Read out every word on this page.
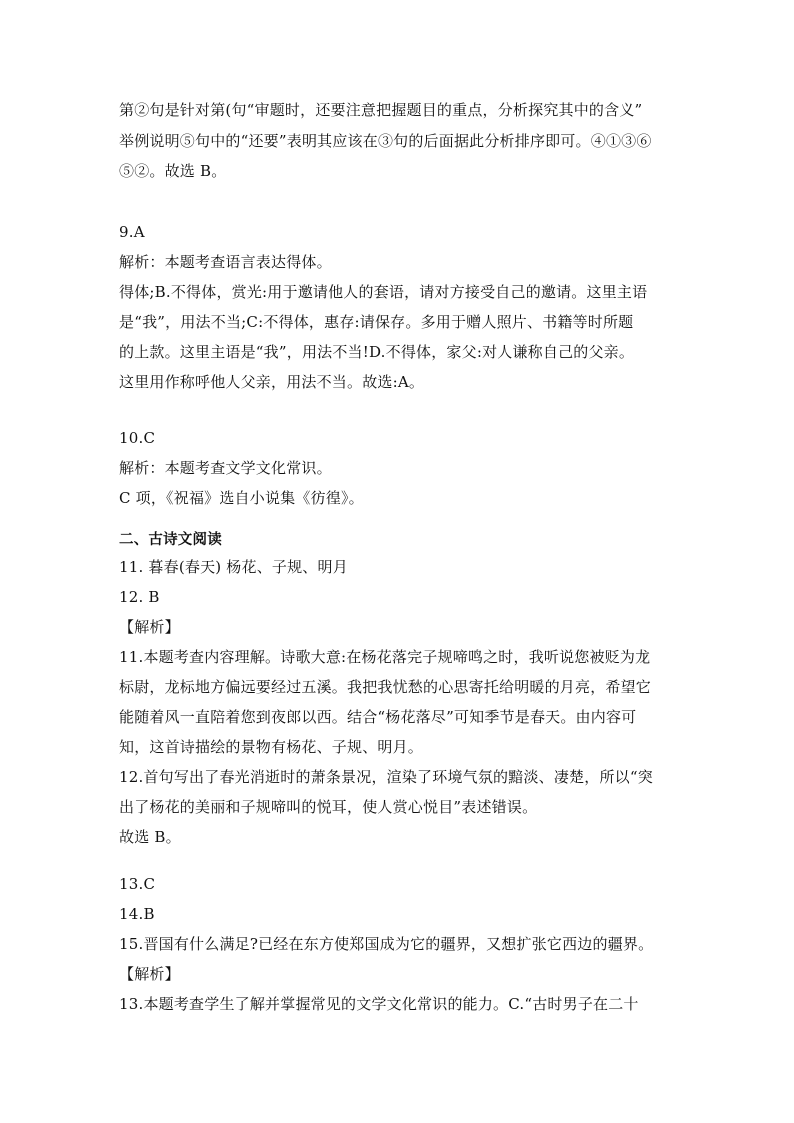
第②句是针对第(句“审题时，还要注意把握题目的重点，分析探究其中的含义”
举例说明⑤句中的“还要”表明其应该在③句的后面据此分析排序即可。④①③⑥
⑤②。故选 B。
9.A
解析：本题考查语言表达得体。
得体;B.不得体，赏光:用于邀请他人的套语，请对方接受自己的邀请。这里主语
是“我”，用法不当;C:不得体，惠存:请保存。多用于赠人照片、书籍等时所题
的上款。这里主语是“我”，用法不当!D.不得体，家父:对人谦称自己的父亲。
这里用作称呼他人父亲，用法不当。故选:A。
10.C
解析：本题考查文学文化常识。
C 项，《祝福》选自小说集《彷徨》。
二、古诗文阅读
11. 暮春(春天) 杨花、子规、明月
12. B
【解析】
11.本题考查内容理解。诗歌大意:在杨花落完子规啼鸣之时，我听说您被贬为龙
标尉，龙标地方偏远要经过五溪。我把我忧愁的心思寄托给明暖的月亮，希望它
能随着风一直陪着您到夜郎以西。结合“杨花落尽”可知季节是春天。由内容可
知，这首诗描绘的景物有杨花、子规、明月。
12.首句写出了春光消逝时的萧条景况，渲染了环境气氛的黯淡、凄楚，所以“突
出了杨花的美丽和子规啼叫的悦耳，使人赏心悦目”表述错误。
故选 B。
13.C
14.B
15.晋国有什么满足?已经在东方使郑国成为它的疆界，又想扩张它西边的疆界。
【解析】
13.本题考查学生了解并掌握常见的文学文化常识的能力。C.“古时男子在二十
